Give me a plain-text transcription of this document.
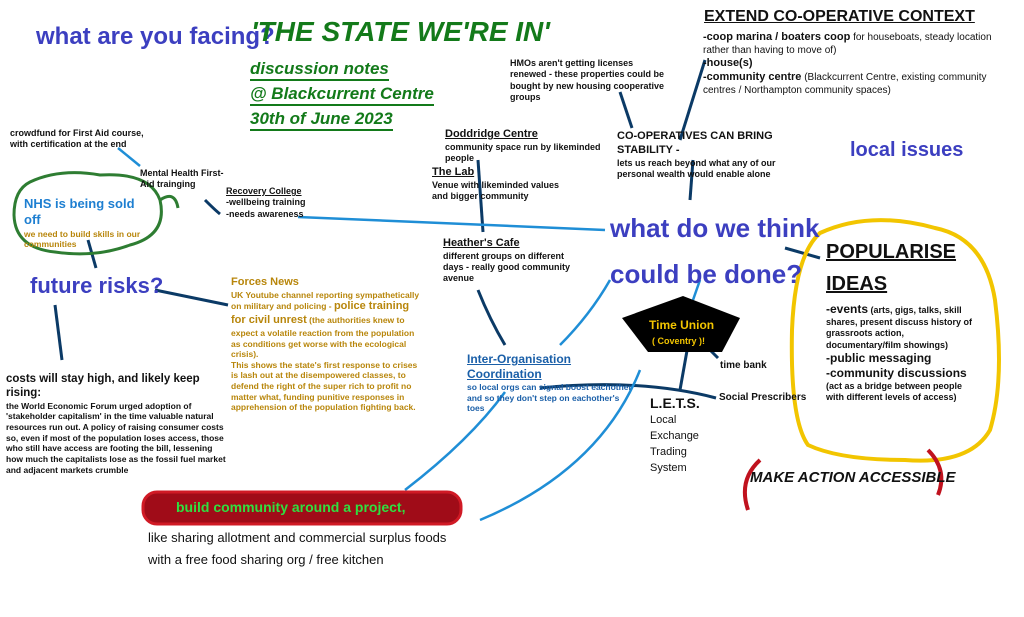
what are you facing?
'THE STATE WE'RE IN'
discussion notes
@ Blackcurrent Centre
30th of June 2023
local issues
what do we think
could be done?
future risks?
EXTEND CO-OPERATIVE CONTEXT
-coop marina / boaters coop for houseboats, steady location rather than having to move of)
-house(s)
-community centre (Blackcurrent Centre, existing community centres / Northampton community spaces)
HMOs aren't getting licenses renewed - these properties could be bought by new housing cooperative groups
CO-OPERATIVES CAN BRING STABILITY -
lets us reach beyond what any of our personal wealth would enable alone
Doddridge Centre
community space run by likeminded people
The Lab
Venue with likeminded values and bigger community
Heather's Cafe
different groups on different days - really good community avenue
Recovery College
-wellbeing training
-needs awareness
crowdfund for First Aid course, with certification at the end
Mental Health First-Aid trainging
NHS is being sold off
we need to build skills in our communities
Forces News
UK Youtube channel reporting sympathetically on military and policing - police training for civil unrest (the authorities knew to expect a volatile reaction from the population as conditions get worse with the ecological crisis).
This shows the state's first response to crises is lash out at the disempowered classes, to defend the right of the super rich to profit no matter what, funding punitive responses in apprehension of the population fighting back.
costs will stay high, and likely keep rising:
the World Economic Forum urged adoption of 'stakeholder capitalism' in the time valuable natural resources run out. A policy of raising consumer costs so, even if most of the population loses access, those who still have access are footing the bill, lessening how much the capitalists lose as the fossil fuel market and adjacent markets crumble
Inter-Organisation
Coordination
so local orgs can signal boost eachother and so they don't step on eachother's toes
Time Union
( Coventry )!
time bank
Social Prescribers
L.E.T.S.
Local
Exchange
Trading
System
POPULARISE
IDEAS
-events (arts, gigs, talks, skill shares, present discuss history of grassroots action, documentary/film showings)
-public messaging
-community discussions
(act as a bridge between people with different levels of access)
MAKE ACTION ACCESSIBLE
build community around a project,
like sharing allotment and commercial surplus foods
with a free food sharing org / free kitchen
